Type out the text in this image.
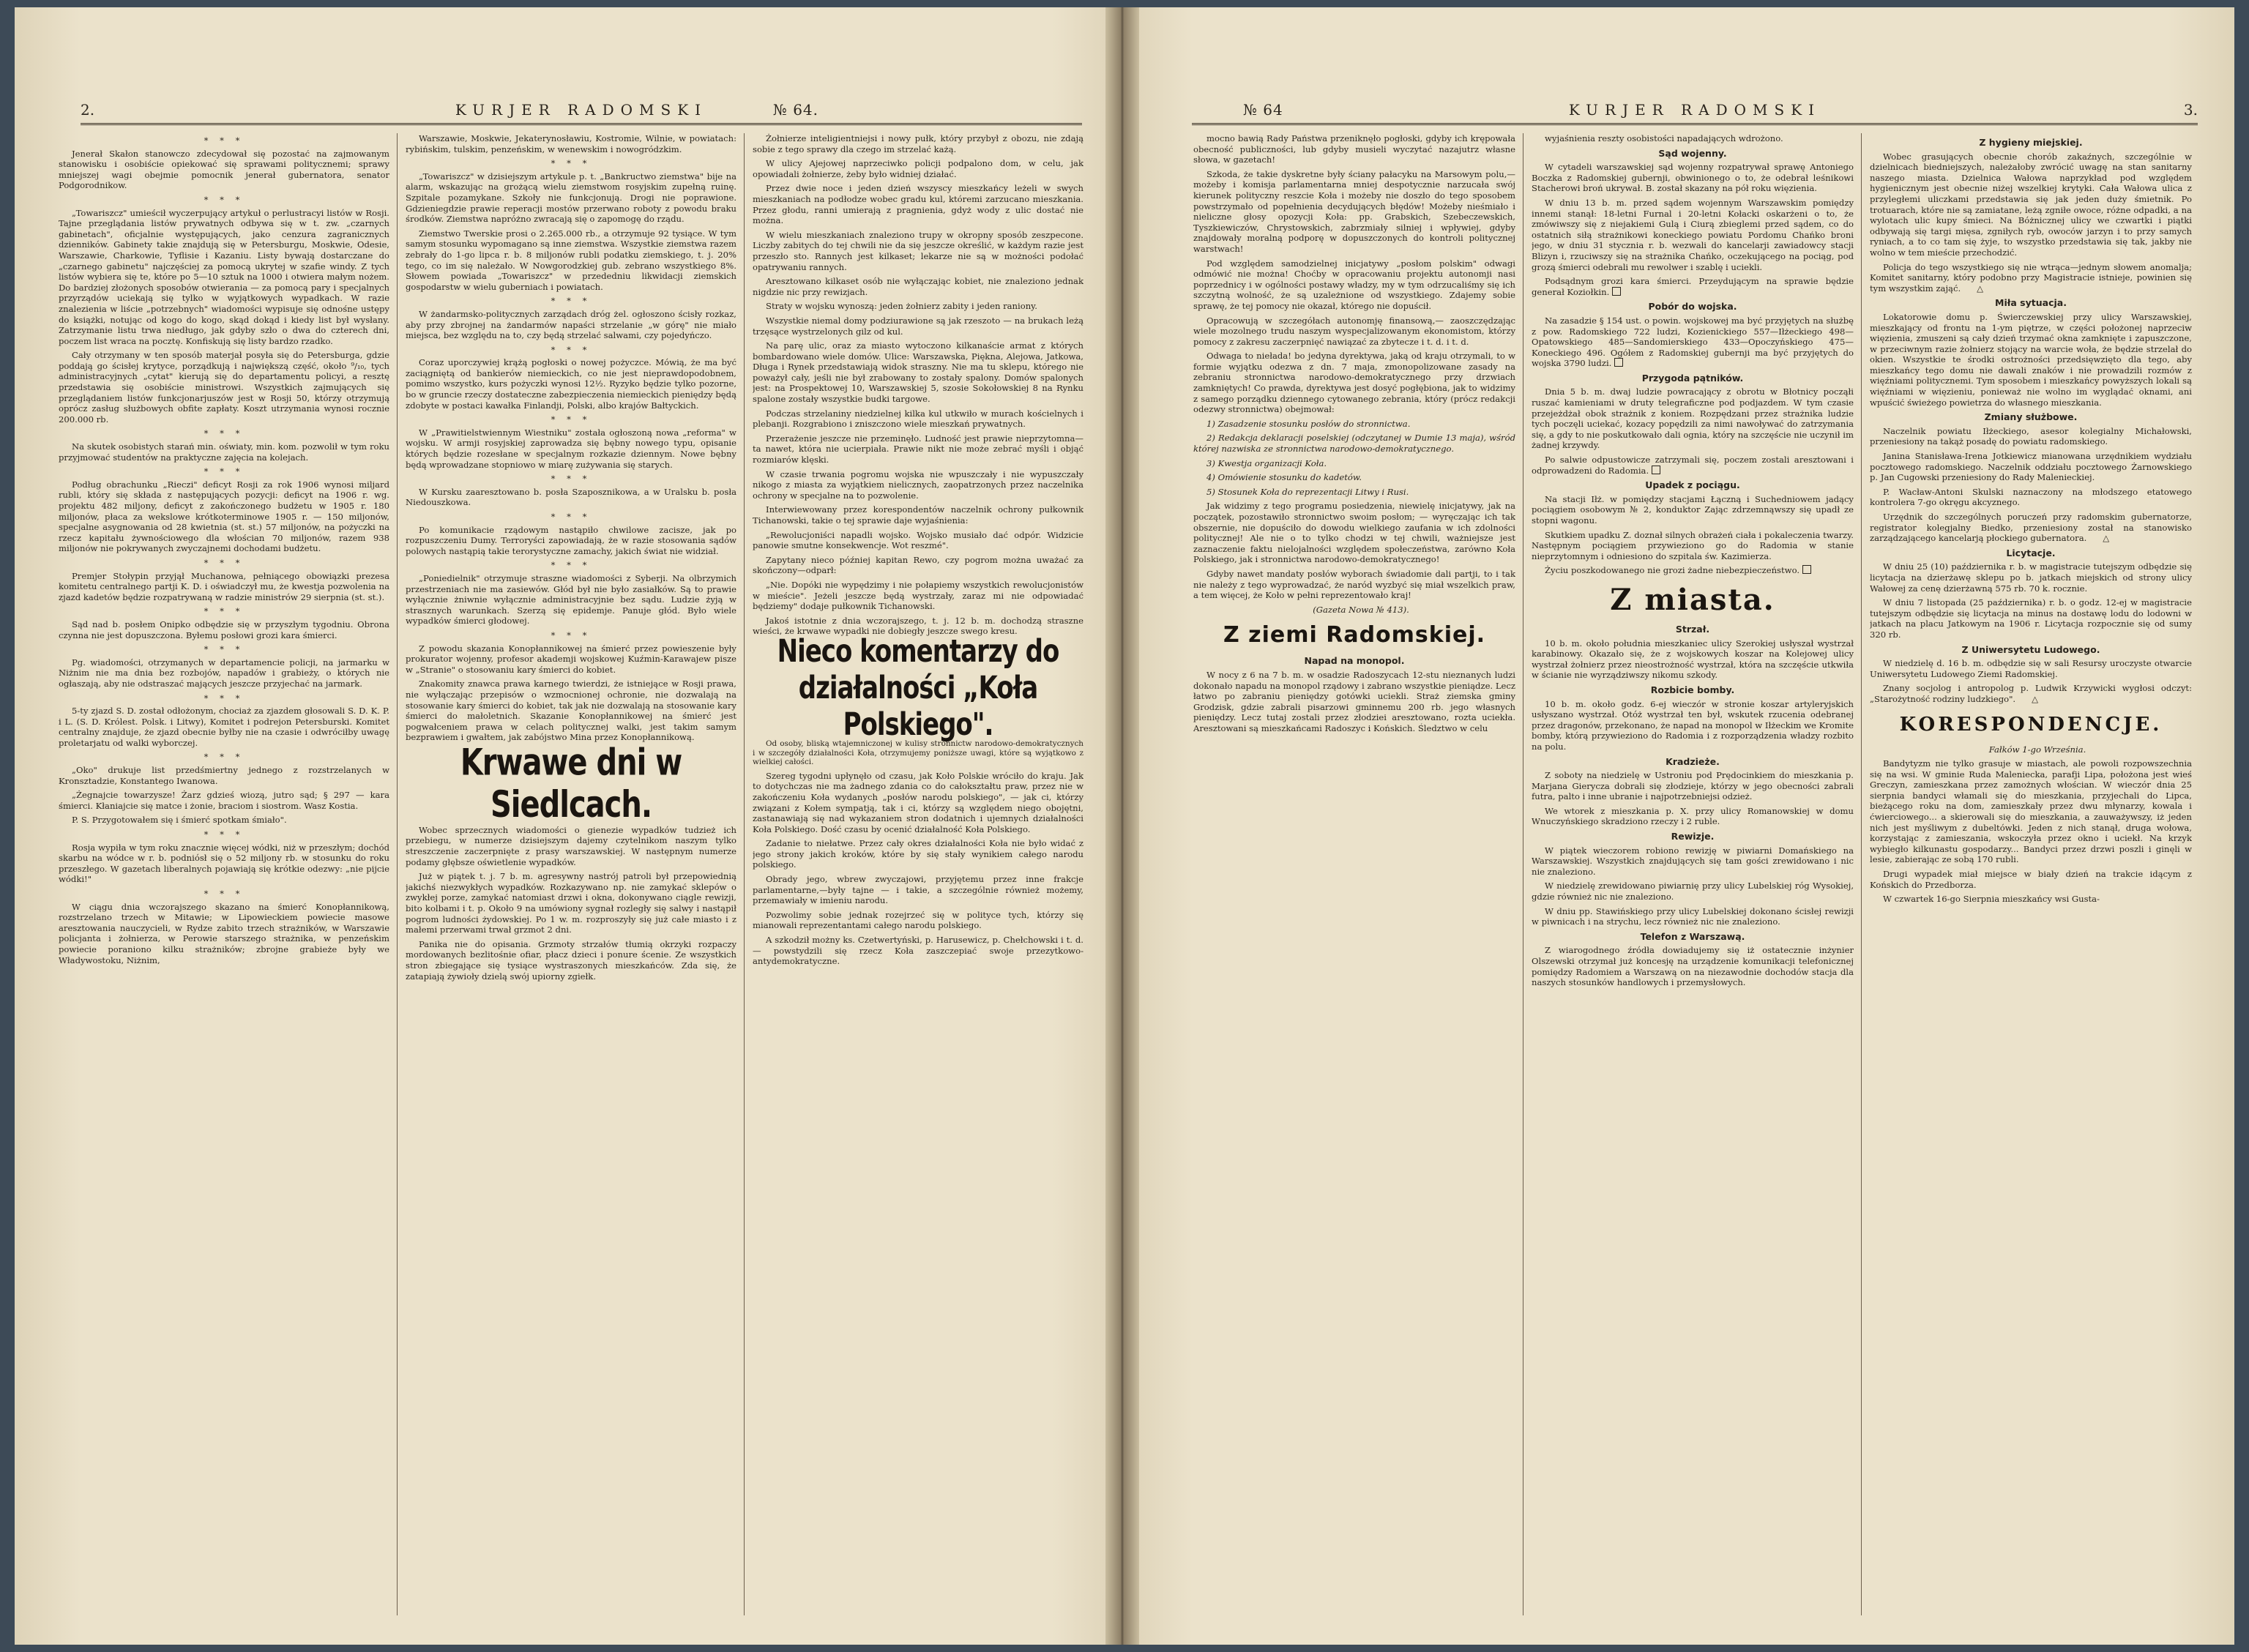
2.	KURJER RADOMSKI	№ 64.
* * *

Jenerał Skałon stanowczo zdecydował się pozostać na zajmowanym stanowisku i osobiście opiekować się sprawami politycznemi; sprawy mniejszej wagi obejmie pomocnik jenerał gubernatora, senator Podgorodnikow.

* * *

„Towariszcz" umieścił wyczerpujący artykuł o perlustracyi listów w Rosji. Tajne przeglądania listów prywatnych odbywa się w t. zw. „czarnych gabinetach", oficjalnie występujących, jako cenzura zagranicznych dzienników. Gabinety takie znajdują się w Petersburgu, Moskwie, Odesie, Warszawie, Charkowie, Tyflisie i Kazaniu. Listy bywają dostarczane do „czarnego gabinetu" najczęściej za pomocą ukrytej w szafie windy. Z tych listów wybiera się te, które po 5—10 sztuk na 1000 i otwiera małym nożem. Do bardziej złożonych sposobów otwierania — za pomocą pary i specjalnych przyrządów uciekają się tylko w wyjątkowych wypadkach. W razie znalezienia w liście „potrzebnych" wiadomości wypisuje się odnośne ustępy do książki, notując od kogo do kogo, skąd dokąd i kiedy list był wysłany. Zatrzymanie listu trwa niedługo, jak gdyby szło o dwa do czterech dni, poczem list wraca na pocztę. Konfiskują się listy bardzo rzadko.

Cały otrzymany w ten sposób materjał posyła się do Petersburga, gdzie poddają go ścisłej krytyce, porządkują i największą część, około ⁹/₁₀, tych administracyjnych „cytat" kierują się do departamentu policyi, a resztę przedstawia się osobiście ministrowi. Wszystkich zajmujących się przeglądaniem listów funkcjonarjuszów jest w Rosji 50, którzy otrzymują oprócz zasług służbowych obfite zapłaty. Koszt utrzymania wynosi rocznie 200.000 rb.

* * *

Na skutek osobistych starań min. oświaty, min. kom. pozwolił w tym roku przyjmować studentów na praktyczne zajęcia na kolejach.

* * *

Podług obrachunku „Rieczi" deficyt Rosji za rok 1906 wynosi miljard rubli, który się składa z następujących pozycji: deficyt na 1906 r. wg. projektu 482 miljony, deficyt z zakończonego budżetu w 1905 r. 180 miljonów, płaca za wekslowe krótkoterminowe 1905 r. — 150 miljonów, specjalne asygnowania od 28 kwietnia (st. st.) 57 miljonów, na pożyczki na rzecz kapitału żywnościowego dla włościan 70 miljonów, razem 938 miljonów nie pokrywanych zwyczajnemi dochodami budżetu.

* * *

Premjer Stołypin przyjął Muchanowa, pełniącego obowiązki prezesa komitetu centralnego partji K. D. i oświadczył mu, że kwestja pozwolenia na zjazd kadetów będzie rozpatrywaną w radzie ministrów 29 sierpnia (st. st.).

* * *

Sąd nad b. posłem Onipko odbędzie się w przyszłym tygodniu. Obrona czynna nie jest dopuszczona. Byłemu posłowi grozi kara śmierci.

* * *

Pg. wiadomości, otrzymanych w departamencie policji, na jarmarku w Niżnim nie ma dnia bez rozbojów, napadów i grabieży, o których nie ogłaszają, aby nie odstraszać mających jeszcze przyjechać na jarmark.

* * *

5-ty zjazd S. D. został odłożonym, chociaż za zjazdem głosowali S. D. K. P. i L. (S. D. Królest. Polsk. i Litwy), Komitet i podrejon Petersburski. Komitet centralny znajduje, że zjazd obecnie byłby nie na czasie i odwróciłby uwagę proletarjatu od walki wyborczej.

* * *

„Oko" drukuje list przedśmiertny jednego z rozstrzelanych w Kronsztadzie, Konstantego Iwanowa.

„Żegnajcie towarzysze! Żarz gdzieś wiozą, jutro sąd; § 297 — kara śmierci. Kłaniajcie się matce i żonie, braciom i siostrom. Wasz Kostia.

P. S. Przygotowałem się i śmierć spotkam śmiało".

* * *

Rosja wypiła w tym roku znacznie więcej wódki, niż w przeszłym; dochód skarbu na wódce w r. b. podniósł się o 52 miljony rb. w stosunku do roku przeszłego. W gazetach liberalnych pojawiają się krótkie odezwy: „nie pijcie wódki!"

* * *

W ciągu dnia wczorajszego skazano na śmierć Konopłannikową, rozstrzelano trzech w Mitawie; w Lipowieckiem powiecie masowe aresztowania nauczycieli, w Rydze zabito trzech strażników, w Warszawie policjanta i żołnierza, w Perowie starszego strażnika, w penzeńskim powiecie poraniono kilku strażników; zbrojne grabieże były we Władywostoku, Niżnim,

Warszawie, Moskwie, Jekaterynosławiu, Kostromie, Wilnie, w powiatach: rybińskim, tulskim, penzeńskim, w wenewskim i nowogródzkim.

* * *

„Towariszcz" w dzisiejszym artykule p. t. „Bankructwo ziemstwa" bije na alarm, wskazując na grożącą wielu ziemstwom rosyjskim zupełną ruinę. Szpitale pozamykane. Szkoły nie funkcjonują. Drogi nie poprawione. Gdzieniegdzie prawie reperacji mostów przerwano roboty z powodu braku środków. Ziemstwa napróżno zwracają się o zapomogę do rządu.

Ziemstwo Twerskie prosi o 2.265.000 rb., a otrzymuje 92 tysiące. W tym samym stosunku wypomagano są inne ziemstwa. Wszystkie ziemstwa razem zebrały do 1-go lipca r. b. 8 miljonów rubli podatku ziemskiego, t. j. 20% tego, co im się należało. W Nowgorodzkiej gub. zebrano wszystkiego 8%. Słowem powiada „Towariszcz" w przededniu likwidacji ziemskich gospodarstw w wielu guberniach i powiatach.

* * *

W żandarmsko-politycznych zarządach dróg żel. ogłoszono ścisły rozkaz, aby przy zbrojnej na żandarmów napaści strzelanie „w górę" nie miało miejsca, bez względu na to, czy będą strzelać salwami, czy pojedyńczo.

* * *

Coraz uporczywiej krążą pogłoski o nowej pożyczce. Mówią, że ma być zaciągniętą od bankierów niemieckich, co nie jest nieprawdopodobnem, pomimo wszystko, kurs pożyczki wynosi 12½. Ryzyko będzie tylko pozorne, bo w gruncie rzeczy dostateczne zabezpieczenia niemieckich pieniędzy będą zdobyte w postaci kawałka Finlandji, Polski, albo krajów Bałtyckich.

* * *

W „Prawitielstwiennym Wiestniku" została ogłoszoną nowa „reforma" w wojsku. W armji rosyjskiej zaprowadza się bębny nowego typu, opisanie których będzie rozesłane w specjalnym rozkazie dziennym. Nowe bębny będą wprowadzane stopniowo w miarę zużywania się starych.

* * *

W Kursku zaaresztowano b. posła Szaposznikowa, a w Uralsku b. posła Niedouszkowa.

* * *

Po komunikacie rządowym nastąpiło chwilowe zacisze, jak po rozpuszczeniu Dumy. Terroryści zapowiadają, że w razie stosowania sądów polowych nastąpią takie terorystyczne zamachy, jakich świat nie widział.

* * *

„Poniedielnik" otrzymuje straszne wiadomości z Syberji. Na olbrzymich przestrzeniach nie ma zasiewów. Głód był nie było zasiałków. Są to prawie wyłącznie żniwnie wyłącznie administracyjnie bez sądu. Ludzie żyją w strasznych warunkach. Szerzą się epidemje. Panuje głód. Było wiele wypadków śmierci głodowej.

* * *

Z powodu skazania Konopłannikowej na śmierć przez powieszenie były prokurator wojenny, profesor akademji wojskowej Kuźmin-Karawajew pisze w „Stranie" o stosowaniu kary śmierci do kobiet.

Znakomity znawca prawa karnego twierdzi, że istniejące w Rosji prawa, nie wyłączając przepisów o wzmocnionej ochronie, nie dozwalają na stosowanie kary śmierci do kobiet, tak jak nie dozwalają na stosowanie kary śmierci do małoletnich. Skazanie Konopłannikowej na śmierć jest pogwałceniem prawa w celach politycznej walki, jest takim samym bezprawiem i gwałtem, jak zabójstwo Mina przez Konopłannikową.

Krwawe dni w Siedlcach.

Wobec sprzecznych wiadomości o gienezie wypadków tudzież ich przebiegu, w numerze dzisiejszym dajemy czytelnikom naszym tylko streszczenie zaczerpnięte z prasy warszawskiej. W następnym numerze podamy głębsze oświetlenie wypadków.

Już w piątek t. j. 7 b. m. agresywny nastrój patroli był przepowiednią jakichś niezwykłych wypadków. Rozkazywano np. nie zamykać sklepów o zwykłej porze, zamykać natomiast drzwi i okna, dokonywano ciągle rewizji, bito kolbami i t. p. Około 9 na umówiony sygnał rozległy się salwy i nastąpił pogrom ludności żydowskiej. Po 1 w. m. rozproszyły się już całe miasto i z małemi przerwami trwał grzmot 2 dni.

Panika nie do opisania. Grzmoty strzałów tłumią okrzyki rozpaczy mordowanych bezlitośnie ofiar, płacz dzieci i ponure ścenie. Ze wszystkich stron zbiegające się tysiące wystraszonych mieszkańców. Zda się, że zatapiają żywioły dzielą swój upiorny zgiełk.

Żołnierze inteligientniejsi i nowy pułk, który przybył z obozu, nie zdają sobie z tego sprawy dla czego im strzelać każą.

W ulicy Ajejowej naprzeciwko policji podpalono dom, w celu, jak opowiadali żołnierze, żeby było widniej działać.

Przez dwie noce i jeden dzień wszyscy mieszkańcy leżeli w swych mieszkaniach na podłodze wobec gradu kul, któremi zarzucano mieszkania. Przez głodu, ranni umierają z pragnienia, gdyż wody z ulic dostać nie można.

W wielu mieszkaniach znaleziono trupy w okropny sposób zeszpecone. Liczby zabitych do tej chwili nie da się jeszcze określić, w każdym razie jest przeszło sto. Rannych jest kilkaset; lekarze nie są w możności podołać opatrywaniu rannych.

Aresztowano kilkaset osób nie wyłączając kobiet, nie znaleziono jednak nigdzie nic przy rewizjach.

Straty w wojsku wynoszą: jeden żołnierz zabity i jeden raniony.

Wszystkie niemal domy podziurawione są jak rzeszoto — na brukach leżą trzęsące wystrzelonych gilz od kul.

Na parę ulic, oraz za miasto wytoczono kilkanaście armat z których bombardowano wiele domów. Ulice: Warszawska, Piękna, Alejowa, Jatkowa, Długa i Rynek przedstawiają widok straszny. Nie ma tu sklepu, którego nie poważył cały, jeśli nie był zrabowany to zostały spalony. Domów spalonych jest: na Prospektowej 10, Warszawskiej 5, szosie Sokołowskiej 8 na Rynku spalone zostały wszystkie budki targowe.

Podczas strzelaniny niedzielnej kilka kul utkwiło w murach kościelnych i plebanji. Rozgrabiono i zniszczono wiele mieszkań prywatnych.

Przerażenie jeszcze nie przeminęło. Ludność jest prawie nieprzytomna—ta nawet, która nie ucierpiała. Prawie nikt nie może zebrać myśli i objąć rozmiarów klęski.

W czasie trwania pogromu wojska nie wpuszczały i nie wypuszczały nikogo z miasta za wyjątkiem nielicznych, zaopatrzonych przez naczelnika ochrony w specjalne na to pozwolenie.

Interwiewowany przez korespondentów naczelnik ochrony pułkownik Tichanowski, takie o tej sprawie daje wyjaśnienia:

„Rewolucjoniści napadli wojsko. Wojsko musiało dać odpór. Widzicie panowie smutne konsekwencje. Wot reszmé".

Zapytany nieco później kapitan Rewo, czy pogrom można uważać za skończony—odparł:

„Nie. Dopóki nie wypędzimy i nie połapiemy wszystkich rewolucjonistów w mieście". Jeżeli jeszcze będą wystrzały, zaraz mi nie odpowiadać będziemy" dodaje pułkownik Tichanowski.

Jakoś istotnie z dnia wczorajszego, t. j. 12 b. m. dochodzą straszne wieści, że krwawe wypadki nie dobiegły jeszcze swego kresu.

Nieco komentarzy do działalności „Koła Polskiego".

Od osoby, bliską wtajemniczonej w kulisy stronnictw narodowo-demokratycznych i w szczegóły działalności Koła, otrzymujemy poniższe uwagi, które są wyjątkowo z wielkiej całości.

Szereg tygodni upłynęło od czasu, jak Koło Polskie wróciło do kraju. Jak to dotychczas nie ma żadnego zdania co do całokształtu praw, przez nie w zakończeniu Koła wydanych „posłów narodu polskiego", — jak ci, którzy związani z Kołem sympatją, tak i ci, którzy są względem niego obojętni, zastanawiają się nad wykazaniem stron dodatnich i ujemnych działalności Koła Polskiego. Dość czasu by ocenić działalność Koła Polskiego.

Zadanie to niełatwe. Przez cały okres działalności Koła nie było widać z jego strony jakich kroków, które by się stały wynikiem całego narodu polskiego.

Obrady jego, wbrew zwyczajowi, przyjętemu przez inne frakcje parlamentarne,—były tajne — i takie, a szczególnie również możemy, przemawiały w imieniu narodu.

Pozwolimy sobie jednak rozejrzeć się w polityce tych, którzy się mianowali reprezentantami całego narodu polskiego.

A szkodził możny ks. Czetwertyński, p. Harusewicz, p. Chełchowski i t. d. — powstydzili się rzecz Koła zaszczepiać swoje przezytkowo-antydemokratyczne.

№ 64	KURJER RADOMSKI	3.

mocno bawią Rady Państwa przeniknęło pogłoski, gdyby ich krępowała obecność publiczności, lub gdyby musieli wyczytać nazajutrz własne słowa, w gazetach!

Szkoda, że takie dyskretne były ściany pałacyku na Marsowym polu,— możeby i komisja parlamentarna mniej despotycznie narzucała swój kierunek polityczny reszcie Koła i możeby nie doszło do tego sposobem powstrzymało od popełnienia decydujących błędów! Możeby nieśmiało i nieliczne głosy opozycji Koła: pp. Grabskich, Szebeczewskich, Tyszkiewiczów, Chrystowskich, zabrzmiały silniej i wpływiej, gdyby znajdowały moralną podporę w dopuszczonych do kontroli politycznej warstwach!

Pod względem samodzielnej inicjatywy „posłom polskim" odwagi odmówić nie można! Choćby w opracowaniu projektu autonomji nasi poprzednicy i w ogólności postawy władzy, my w tym odrzucaliśmy się ich szczytną wolność, że są uzależnione od wszystkiego. Zdajemy sobie sprawę, że tej pomocy nie okazał, którego nie dopuścił.

Opracowują w szczegółach autonomję finansową,— zaoszczędzając wiele mozolnego trudu naszym wyspecjalizowanym ekonomistom, którzy pomocy z zakresu zaczerpnięć nawiązać za zbytecze i t. d. i t. d.

Odwaga to niełada! bo jedyna dyrektywa, jaką od kraju otrzymali, to w formie wyjątku odezwa z dn. 7 maja, zmonopolizowane zasady na zebraniu stronnictwa narodowo-demokratycznego przy drzwiach zamkniętych! Co prawda, dyrektywa jest dosyć pogłębiona, jak to widzimy z samego porządku dziennego cytowanego zebrania, który (prócz redakcji odezwy stronnictwa) obejmował:

1) Zasadzenie stosunku posłów do stronnictwa.

2) Redakcja deklaracji poselskiej (odczytanej w Dumie 13 maja), wśród której nazwiska ze stronnictwa narodowo-demokratycznego.

3) Kwestja organizacji Koła.

4) Omówienie stosunku do kadetów.

5) Stosunek Koła do reprezentacji Litwy i Rusi.

Jak widzimy z tego programu posiedzenia, niewielę inicjatywy, jak na początek, pozostawiło stronnictwo swoim posłom; — wyręczając ich tak obszernie, nie dopuściło do dowodu wielkiego zaufania w ich zdolności politycznej! Ale nie o to tylko chodzi w tej chwili, ważniejsze jest zaznaczenie faktu nielojalności względem społeczeństwa, zarówno Koła Polskiego, jak i stronnictwa narodowo-demokratycznego!

Gdyby nawet mandaty posłów wyborach świadomie dali partji, to i tak nie należy z tego wyprowadzać, że naród wyzbyć się miał wszelkich praw, a tem więcej, że Koło w pełni reprezentowało kraj!

(Gazeta Nowa № 413).

Z ziemi Radomskiej.
Napad na monopol.

W nocy z 6 na 7 b. m. w osadzie Radoszycach 12-stu nieznanych ludzi dokonało napadu na monopol rządowy i zabrano wszystkie pieniądze. Lecz łatwo po zabraniu pieniędzy gotówki uciekli. Straż ziemska gminy Grodzisk, gdzie zabrali pisarzowi gminnemu 200 rb. jego własnych pieniędzy. Lecz tutaj zostali przez złodziei aresztowano, rozta uciekła. Aresztowani są mieszkańcami Radoszyc i Końskich. Śledztwo w celu

wyjaśnienia reszty osobistości napadających wdrożono.

Sąd wojenny.

W cytadeli warszawskiej sąd wojenny rozpatrywał sprawę Antoniego Boczka z Radomskiej gubernji, obwinionego o to, że odebrał leśnikowi Stacherowi broń ukrywał. B. został skazany na pół roku więzienia.

W dniu 13 b. m. przed sądem wojennym Warszawskim pomiędzy innemi stanął: 18-letni Furnal i 20-letni Kołacki oskarżeni o to, że zmówiwszy się z niejakiemi Gulą i Ciurą zbieglemi przed sądem, co do ostatnich siłą strażnikowi koneckiego powiatu Pordomu Chańko broni jego, w dniu 31 stycznia r. b. wezwali do kancelarji zawiadowcy stacji Blizyn i, rzuciwszy się na strażnika Chańko, oczekującego na pociąg, pod grozą śmierci odebrali mu rewolwer i szablę i uciekli.

Podsądnym grozi kara śmierci. Przeydującym na sprawie będzie generał Koziołkin.

Pobór do wojska.

Na zasadzie § 154 ust. o powin. wojskowej ma być przyjętych na służbę z pow. Radomskiego 722 ludzi, Kozienickiego 557—Iłżeckiego 498—Opatowskiego 485—Sandomierskiego 433—Opoczyńskiego 475—Koneckiego 496. Ogółem z Radomskiej gubernji ma być przyjętych do wojska 3790 ludzi.

Przygoda pątników.

Dnia 5 b. m. dwaj ludzie powracający z obrotu w Błotnicy począłi ruszać kamieniami w druty telegraficzne pod podjazdem. W tym czasie przejeżdżał obok strażnik z koniem. Rozpędzani przez strażnika ludzie tych poczęli uciekać, kozacy popędzili za nimi nawoływać do zatrzymania się, a gdy to nie poskutkowało dali ognia, który na szczęście nie uczynił im żadnej krzywdy.

Po salwie odpustowicze zatrzymali się, poczem zostali aresztowani i odprowadzeni do Radomia.

Upadek z pociągu.

Na stacji Iłż. w pomiędzy stacjami Łączną i Suchedniowem jadący pociągiem osobowym № 2, konduktor Zając zdrzemnąwszy się upadł ze stopni wagonu.

Skutkiem upadku Z. doznał silnych obrażeń ciała i pokaleczenia twarzy. Następnym pociągiem przywieziono go do Radomia w stanie nieprzytomnym i odniesiono do szpitala św. Kazimierza.

Życiu poszkodowanego nie grozi żadne niebezpieczeństwo.

Z miasta.
Strzał.

10 b. m. około południa mieszkaniec ulicy Szerokiej usłyszał wystrzał karabinowy. Okazało się, że z wojskowych koszar na Kolejowej ulicy wystrzał żołnierz przez nieostrożność wystrzał, która na szczęście utkwiła w ścianie nie wyrządziwszy nikomu szkody.

Rozbicie bomby.

10 b. m. około godz. 6-ej wieczór w stronie koszar artyleryjskich usłyszano wystrzał. Otóż wystrzał ten był, wskutek rzucenia odebranej przez dragonów, przekonano, że napad na monopol w Iłżeckim we Kromite bomby, którą przywieziono do Radomia i z rozporządzenia władzy rozbito na polu.

Kradzieże.

Z soboty na niedzielę w Ustroniu pod Prędocinkiem do mieszkania p. Marjana Gierycza dobrali się złodzieje, którzy w jego obecności zabrali futra, palto i inne ubranie i najpotrzebniejsi odzież.

We wtorek z mieszkania p. X. przy ulicy Romanowskiej w domu Wnuczyńskiego skradziono rzeczy i 2 ruble.

Rewizje.

W piątek wieczorem robiono rewizję w piwiarni Domańskiego na Warszawskiej. Wszystkich znajdujących się tam gości zrewidowano i nic nie znaleziono.

W niedzielę zrewidowano piwiarnię przy ulicy Lubelskiej róg Wysokiej, gdzie również nic nie znaleziono.

W dniu pp. Stawińskiego przy ulicy Lubelskiej dokonano ścisłej rewizji w piwnicach i na strychu, lecz również nic nie znaleziono.

Telefon z Warszawą.

Z wiarogodnego źródła dowiadujemy się iż ostatecznie inżynier Olszewski otrzymał już koncesję na urządzenie komunikacji telefonicznej pomiędzy Radomiem a Warszawą on na niezawodnie dochodów stacja dla naszych stosunków handlowych i przemysłowych.

Z hygieny miejskiej.

Wobec grasujących obecnie chorób zakaźnych, szczególnie w dzielnicach biedniejszych, należałoby zwrócić uwagę na stan sanitarny naszego miasta. Dzielnica Wałowa naprzykład pod względem hygienicznym jest obecnie niżej wszelkiej krytyki. Cała Wałowa ulica z przyległemi uliczkami przedstawia się jak jeden duży śmietnik. Po trotuarach, które nie są zamiatane, leżą zgniłe owoce, różne odpadki, a na wylotach ulic kupy śmieci. Na Bóżnicznej ulicy we czwartki i piątki odbywają się targi mięsa, zgniłych ryb, owoców jarzyn i to przy samych ryniach, a to co tam się żyje, to wszystko przedstawia się tak, jakby nie wolno w tem mieście przechodzić.

Policja do tego wszystkiego się nie wtrąca—jednym słowem anomalja; Komitet sanitarny, który podobno przy Magistracie istnieje, powinien się tym wszystkim zająć. △

Miła sytuacja.

Lokatorowie domu p. Świerczewskiej przy ulicy Warszawskiej, mieszkający od frontu na 1-ym piętrze, w części położonej naprzeciw więzienia, zmuszeni są cały dzień trzymać okna zamknięte i zapuszczone, w przeciwnym razie żołnierz stojący na warcie woła, że będzie strzelał do okien. Wszystkie te środki ostrożności przedsięwzięto dla tego, aby mieszkańcy tego domu nie dawali znaków i nie prowadzili rozmów z więźniami politycznemi. Tym sposobem i mieszkańcy powyższych lokali są więźniami w więzieniu, ponieważ nie wolno im wyglądać oknami, ani wpuścić świeżego powietrza do własnego mieszkania.

Zmiany służbowe.

Naczelnik powiatu Iłżeckiego, asesor kolegialny Michałowski, przeniesiony na takąż posadę do powiatu radomskiego.

Janina Stanisława-Irena Jotkiewicz mianowana urzędnikiem wydziału pocztowego radomskiego. Naczelnik oddziału pocztowego Żarnowskiego p. Jan Cugowski przeniesiony do Rady Malenieckiej.

P. Wacław-Antoni Skulski naznaczony na młodszego etatowego kontrolera 7-go okręgu akcyznego.

Urzędnik do szczególnych poruczeń przy radomskim gubernatorze, registrator kolegjalny Biedko, przeniesiony został na stanowisko zarządzającego kancelarją płockiego gubernatora. △

Licytacje.

W dniu 25 (10) października r. b. w magistracie tutejszym odbędzie się licytacja na dzierżawę sklepu po b. jatkach miejskich od strony ulicy Wałowej za cenę dzierżawną 575 rb. 70 k. rocznie.

W dniu 7 listopada (25 października) r. b. o godz. 12-ej w magistracie tutejszym odbędzie się licytacja na minus na dostawę lodu do lodowni w jatkach na placu Jatkowym na 1906 r. Licytacja rozpocznie się od sumy 320 rb.

Z Uniwersytetu Ludowego.

W niedzielę d. 16 b. m. odbędzie się w sali Resursy uroczyste otwarcie Uniwersytetu Ludowego Ziemi Radomskiej.

Znany socjolog i antropolog p. Ludwik Krzywicki wygłosi odczyt: „Starożytność rodziny ludzkiego". △

KORESPONDENCJE.

Fałków 1-go Września.

Bandytyzm nie tylko grasuje w miastach, ale powoli rozpowszechnia się na wsi. W gminie Ruda Maleniecka, parafji Lipa, położona jest wieś Greczyn, zamieszkana przez zamożnych włościan. W wieczór dnia 25 sierpnia bandyci włamali się do mieszkania, przyjechali do Lipca, bieżącego roku na dom, zamieszkały przez dwu młynarzy, kowala i ćwierciowego... a skierowali się do mieszkania, a zauważywszy, iż jeden nich jest myśliwym z dubeltówki. Jeden z nich stanął, druga wołowa, korzystając z zamieszania, wskoczyła przez okno i uciekł. Na krzyk wybiegło kilkunastu gospodarzy... Bandyci przez drzwi poszli i ginęli w lesie, zabierając ze sobą 170 rubli.

Drugi wypadek miał miejsce w biały dzień na trakcie idącym z Końskich do Przedborza.

W czwartek 16-go Sierpnia mieszkańcy wsi Gusta-
